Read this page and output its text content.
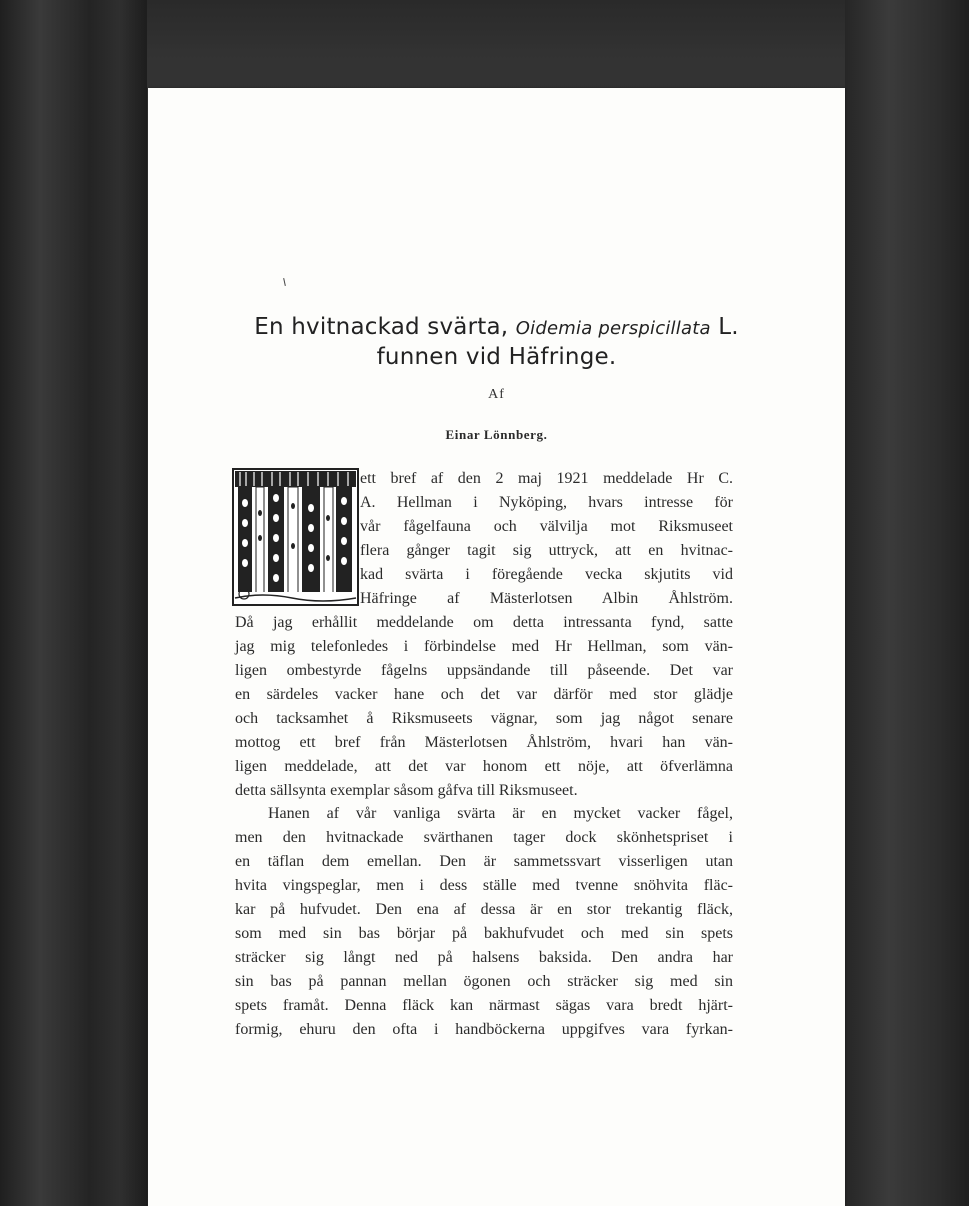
En hvitnackad svärta, Oidemia perspicillata L.
funnen vid Häfringe.
Af
Einar Lönnberg.
ett bref af den 2 maj 1921 meddelade Hr C.
A. Hellman i Nyköping, hvars intresse för
vår fågelfauna och välvilja mot Riksmuseet
flera gånger tagit sig uttryck, att en hvitnac-
kad svärta i föregående vecka skjutits vid
Häfringe af Mästerlotsen Albin Åhlström.
Då jag erhållit meddelande om detta intressanta fynd, satte
jag mig telefonledes i förbindelse med Hr Hellman, som vän-
ligen ombestyrde fågelns uppsändande till påseende. Det var
en särdeles vacker hane och det var därför med stor glädje
och tacksamhet å Riksmuseets vägnar, som jag något senare
mottog ett bref från Mästerlotsen Åhlström, hvari han vän-
ligen meddelade, att det var honom ett nöje, att öfverlämna
detta sällsynta exemplar såsom gåfva till Riksmuseet.
Hanen af vår vanliga svärta är en mycket vacker fågel,
men den hvitnackade svärthanen tager dock skönhetspriset i
en täflan dem emellan. Den är sammetssvart visserligen utan
hvita vingspeglar, men i dess ställe med tvenne snöhvita fläc-
kar på hufvudet. Den ena af dessa är en stor trekantig fläck,
som med sin bas börjar på bakhufvudet och med sin spets
sträcker sig långt ned på halsens baksida. Den andra har
sin bas på pannan mellan ögonen och sträcker sig med sin
spets framåt. Denna fläck kan närmast sägas vara bredt hjärt-
formig, ehuru den ofta i handböckerna uppgifves vara fyrkan-
